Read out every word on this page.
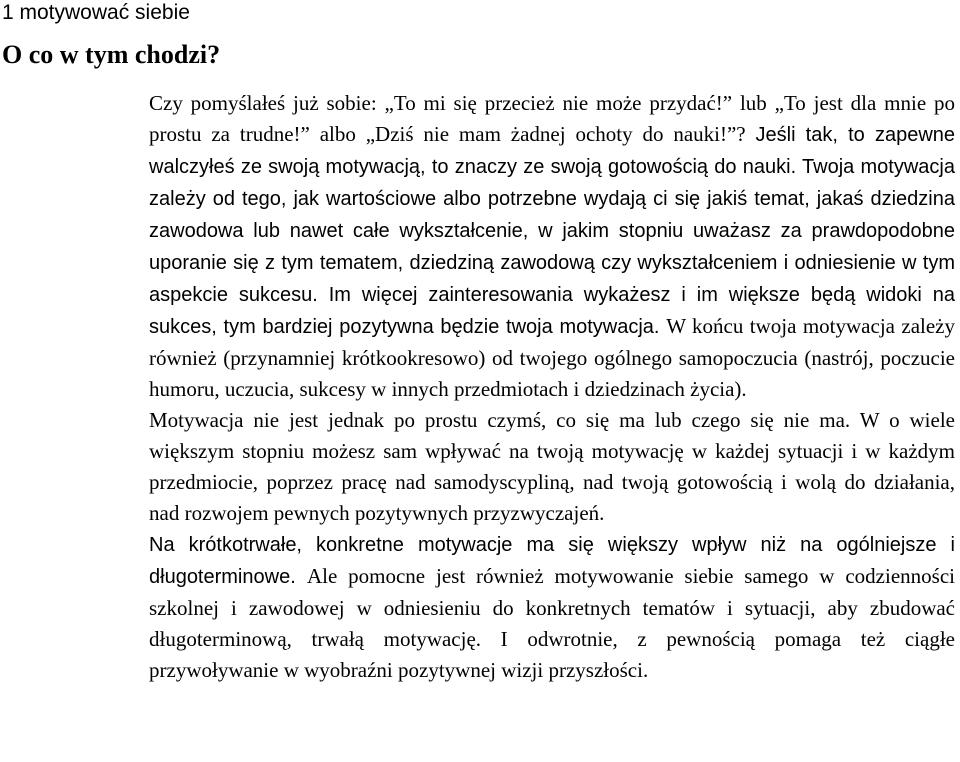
1 motywować siebie
O co w tym chodzi?

Czy pomyślałeś już sobie: „To mi się przecież nie może przydać!” lub „To jest dla mnie po prostu za trudne!” albo „Dziś nie mam żadnej ochoty do nauki!”? Jeśli tak, to zapewne walczyłeś ze swoją motywacją, to znaczy ze swoją gotowością do nauki. Twoja motywacja zależy od tego, jak wartościowe albo potrzebne wydają ci się jakiś temat, jakaś dziedzina zawodowa lub nawet całe wykształcenie, w jakim stopniu uważasz za prawdopodobne uporanie się z tym tematem, dziedziną zawodową czy wykształceniem i odniesienie w tym aspekcie sukcesu. Im więcej zainteresowania wykażesz i im większe będą widoki na sukces, tym bardziej pozytywna będzie twoja motywacja. W końcu twoja motywacja zależy również (przynamniej krótkookresowo) od twojego ogólnego samopoczucia (nastrój, poczucie humoru, uczucia, sukcesy w innych przedmiotach i dziedzinach życia).

Motywacja nie jest jednak po prostu czymś, co się ma lub czego się nie ma. W o wiele większym stopniu możesz sam wpływać na twoją motywację w każdej sytuacji i w każdym przedmiocie, poprzez pracę nad samodyscypliną, nad twoją gotowością i wolą do działania, nad rozwojem pewnych pozytywnych przyzwyczajeń.

Na krótkotrwałe, konkretne motywacje ma się większy wpływ niż na ogólniejsze i długoterminowe. Ale pomocne jest również motywowanie siebie samego w codzienności szkolnej i zawodowej w odniesieniu do konkretnych tematów i sytuacji, aby zbudować długoterminową, trwałą motywację. I odwrotnie, z pewnością pomaga też ciągłe przywoływanie w wyobraźni pozytywnej wizji przyszłości.
